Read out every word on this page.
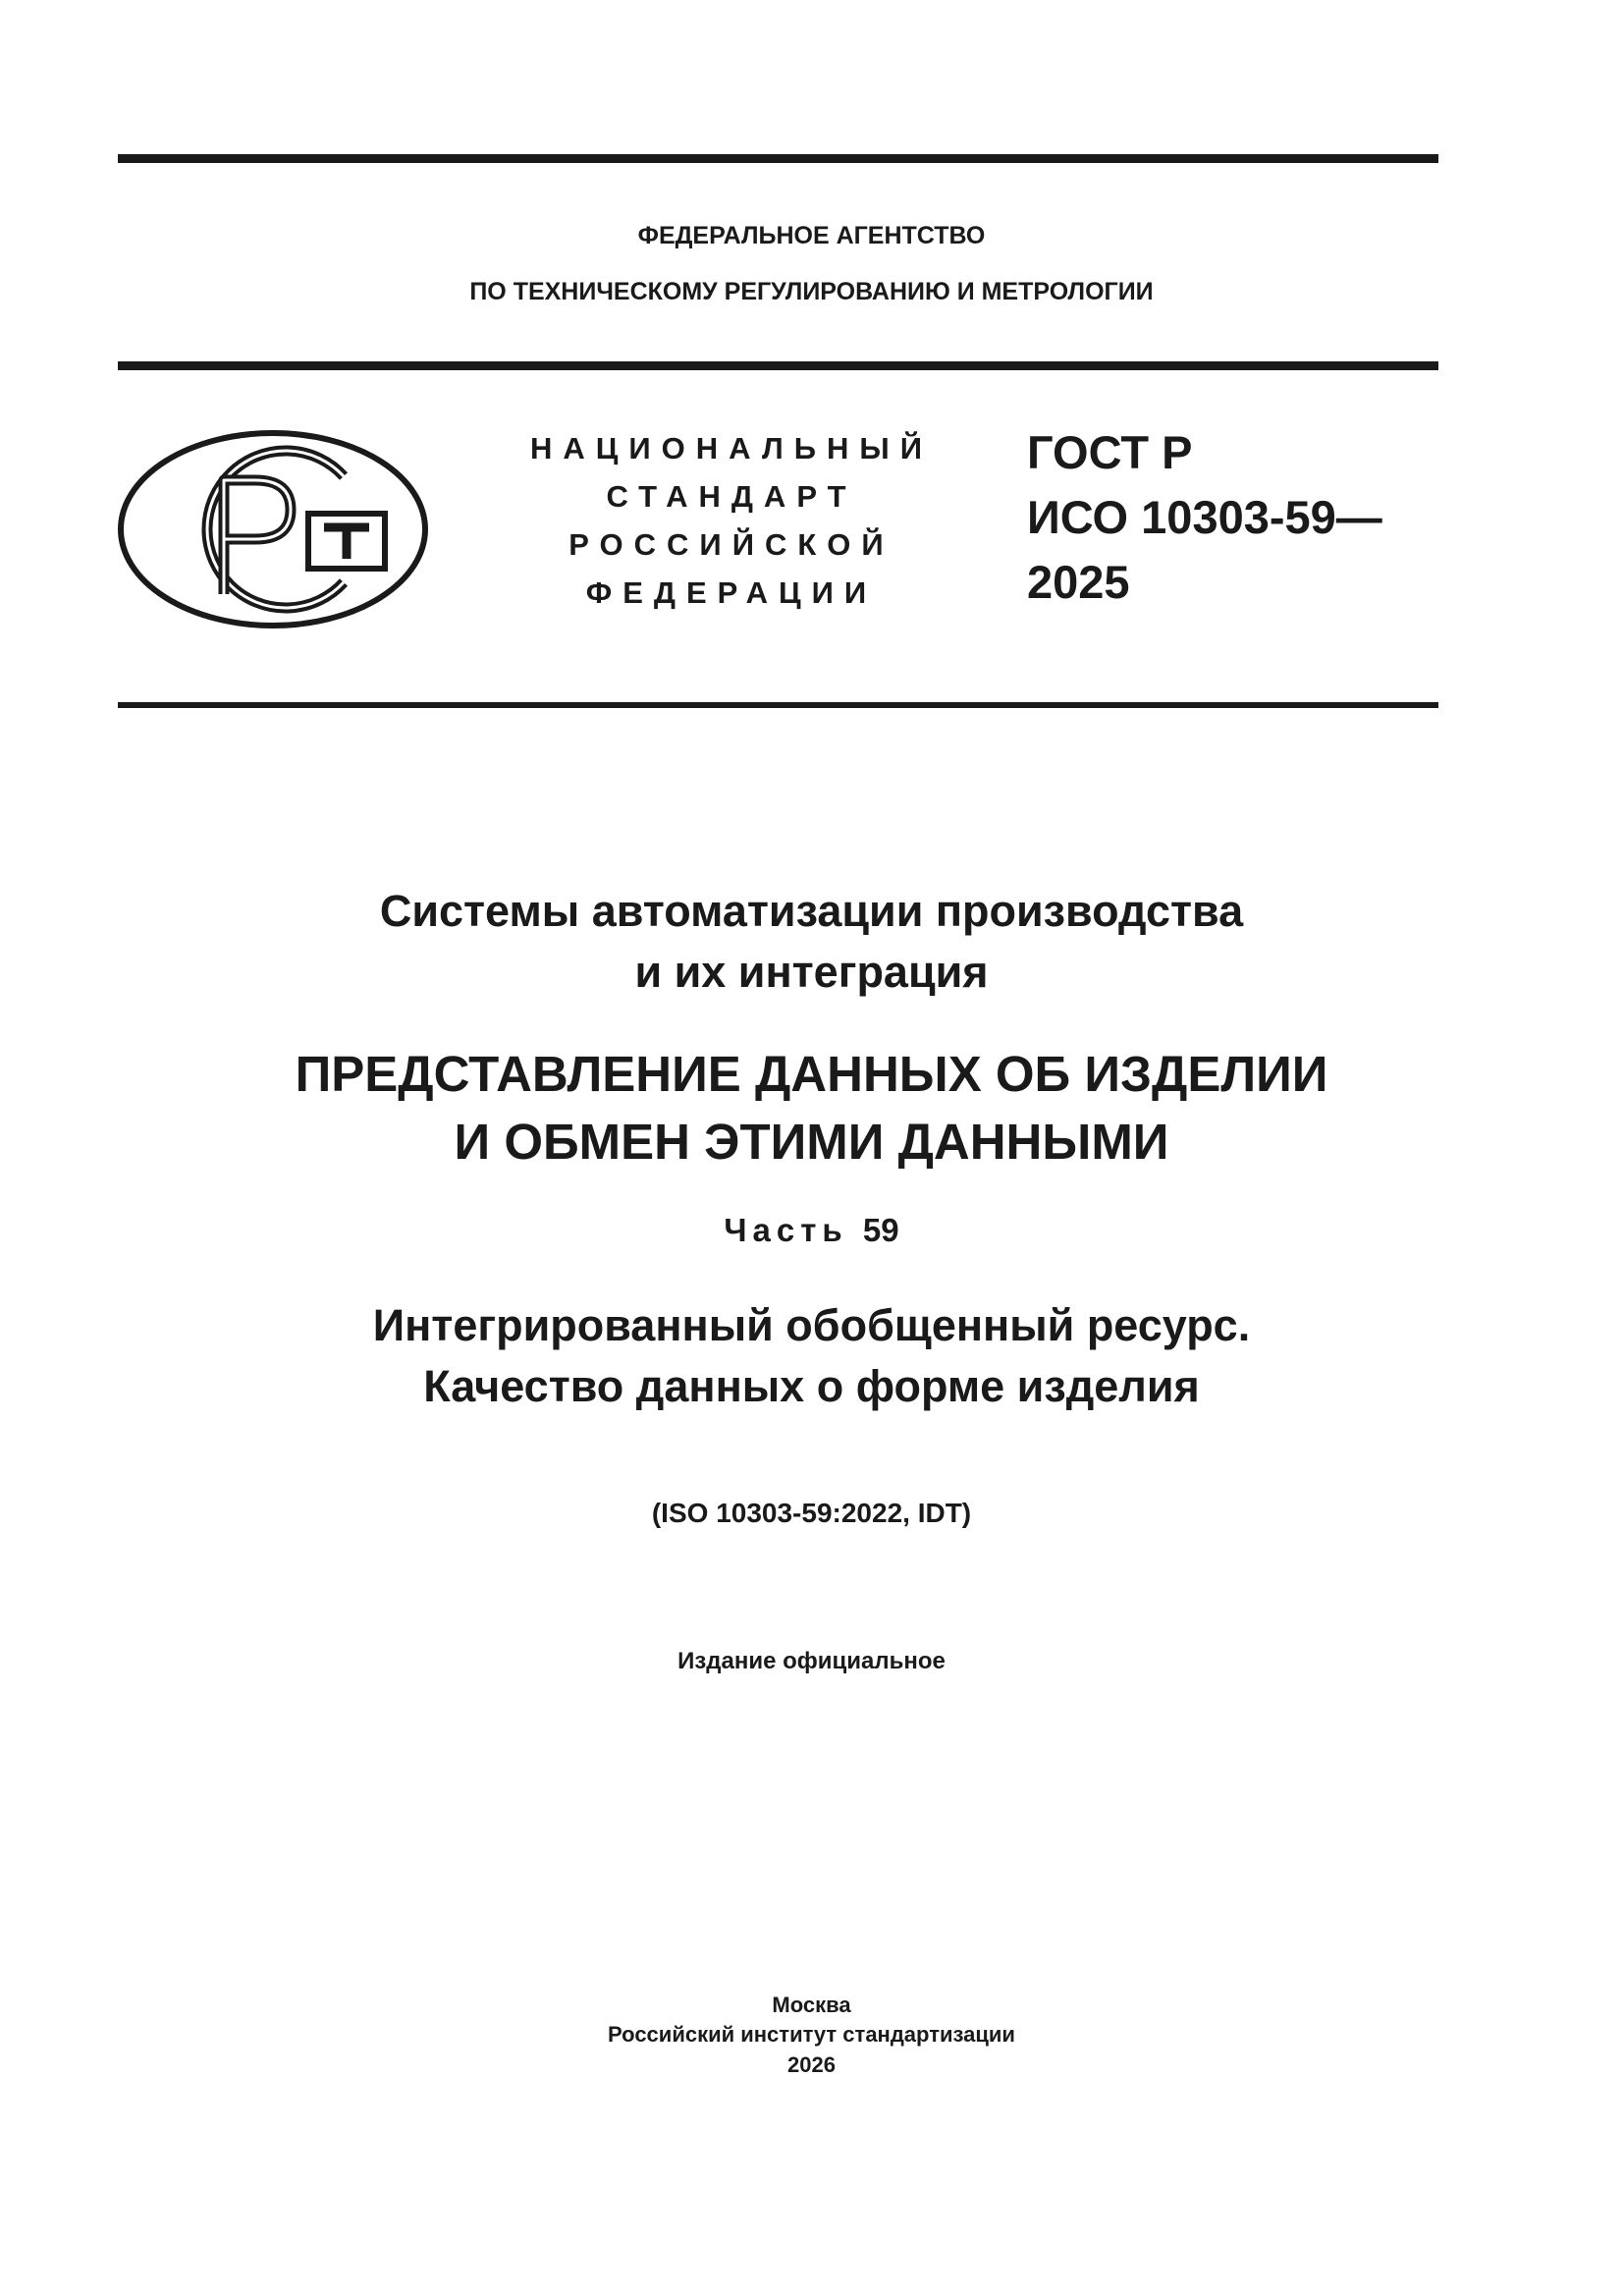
ФЕДЕРАЛЬНОЕ АГЕНТСТВО
ПО ТЕХНИЧЕСКОМУ РЕГУЛИРОВАНИЮ И МЕТРОЛОГИИ
НАЦИОНАЛЬНЫЙ
СТАНДАРТ
РОССИЙСКОЙ
ФЕДЕРАЦИИ
ГОСТ Р
ИСО 10303-59—
2025
Системы автоматизации производства
и их интеграция
ПРЕДСТАВЛЕНИЕ ДАННЫХ ОБ ИЗДЕЛИИ
И ОБМЕН ЭТИМИ ДАННЫМИ
Часть 59
Интегрированный обобщенный ресурс.
Качество данных о форме изделия
(ISO 10303-59:2022, IDT)
Издание официальное
Москва
Российский институт стандартизации
2026
